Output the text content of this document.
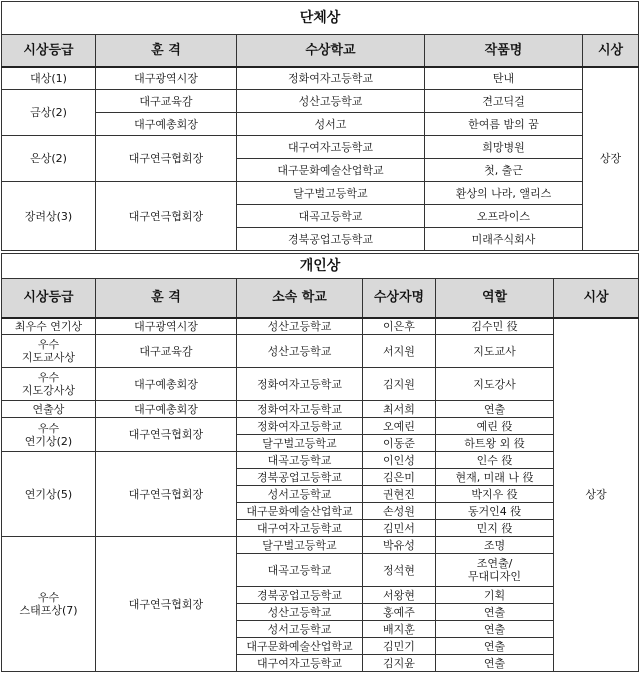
단체상				
시상등급	훈 격	수상학교	작품명	시상
대상(1)	대구광역시장	정화여자고등학교	탄내	상장
금상(2)	대구교육감	성산고등학교	견고딕걸	
	대구예총회장	성서고	한여름 밤의 꿈	
은상(2)	대구연극협회장	대구여자고등학교	희망병원	
		대구문화예술산업학교	첫, 출근	
장려상(3)	대구연극협회장	달구벌고등학교	환상의 나라, 앨리스	
		대곡고등학교	오프라이스	
		경북공업고등학교	미래주식회사	
개인상					
시상등급	훈 격	소속 학교	수상자명	역할	시상
최우수 연기상	대구광역시장	성산고등학교	이은후	김수민 役	상장
우수
지도교사상	대구교육감	성산고등학교	서지원	지도교사	
우수
지도강사상	대구예총회장	정화여자고등학교	김지원	지도강사	
연출상	대구예총회장	정화여자고등학교	최서희	연출	
우수
연기상(2)	대구연극협회장	정화여자고등학교	오예린	예린 役	
		달구벌고등학교	이동준	하트왕 외 役	
연기상(5)	대구연극협회장	대곡고등학교	이인성	인수 役	
		경북공업고등학교	김은미	현재, 미래 나 役	
		성서고등학교	권현진	박지우 役	
		대구문화예술산업학교	손성원	동거인4 役	
		대구여자고등학교	김민서	민지 役	
우수
스태프상(7)	대구연극협회장	달구벌고등학교	박유성	조명	
		대곡고등학교	정석현	조연출/
무대디자인	
		경북공업고등학교	서왕현	기획	
		성산고등학교	홍예주	연출	
		성서고등학교	배지훈	연출	
		대구문화예술산업학교	김민기	연출	
		대구여자고등학교	김지윤	연출	
